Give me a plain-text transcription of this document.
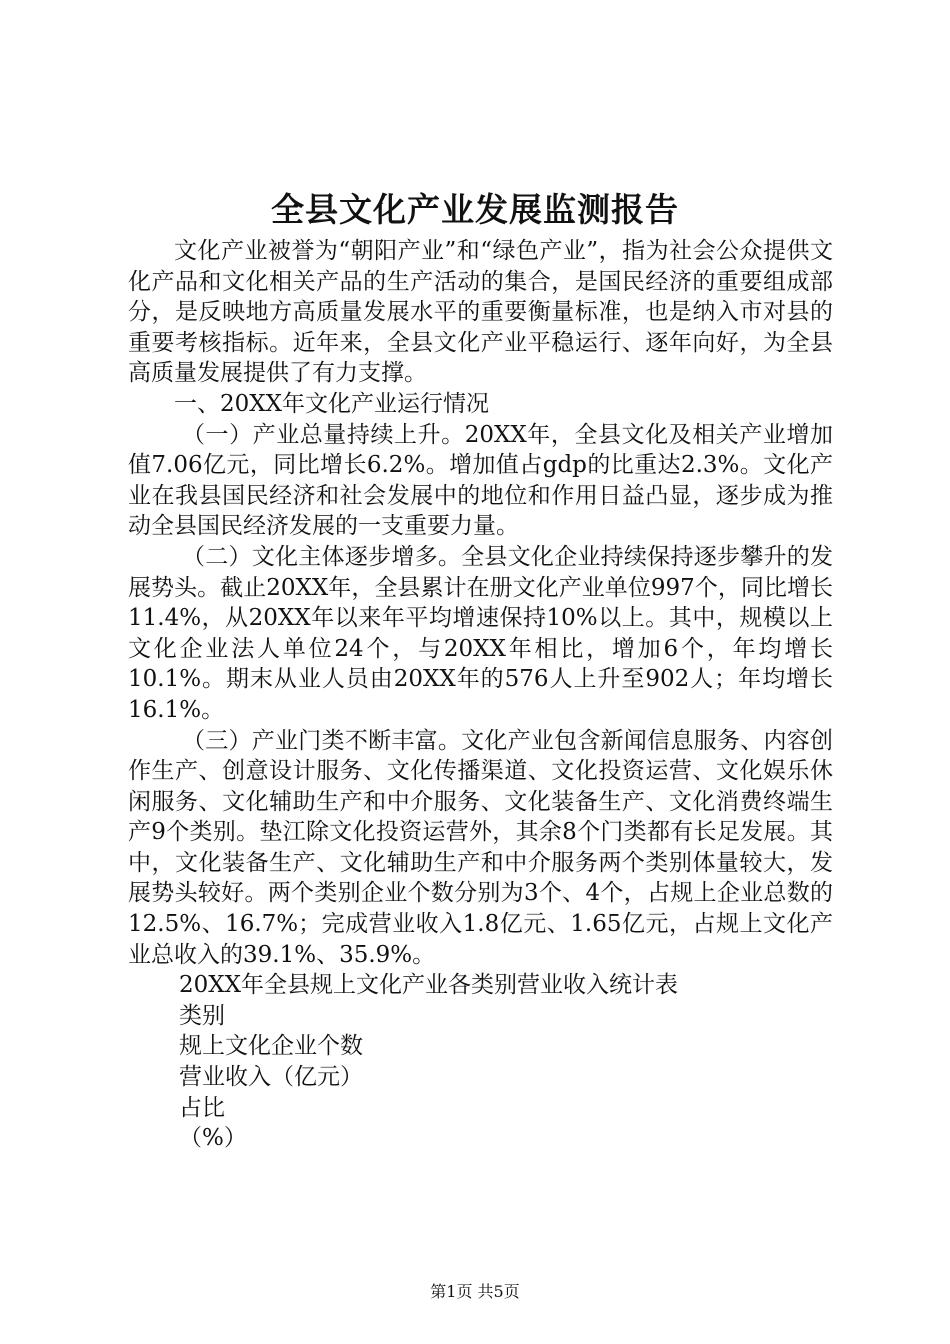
全县文化产业发展监测报告

文化产业被誉为“朝阳产业”和“绿色产业”，指为社会公众提供文化产品和文化相关产品的生产活动的集合，是国民经济的重要组成部分，是反映地方高质量发展水平的重要衡量标准，也是纳入市对县的重要考核指标。近年来，全县文化产业平稳运行、逐年向好，为全县高质量发展提供了有力支撑。

一、20XX年文化产业运行情况

（一）产业总量持续上升。20XX年，全县文化及相关产业增加值7.06亿元，同比增长6.2%。增加值占gdp的比重达2.3%。文化产业在我县国民经济和社会发展中的地位和作用日益凸显，逐步成为推动全县国民经济发展的一支重要力量。

（二）文化主体逐步增多。全县文化企业持续保持逐步攀升的发展势头。截止20XX年，全县累计在册文化产业单位997个，同比增长11.4%，从20XX年以来年平均增速保持10%以上。其中，规模以上文化企业法人单位24个，与20XX年相比，增加6个，年均增长10.1%。期末从业人员由20XX年的576人上升至902人；年均增长16.1%。

（三）产业门类不断丰富。文化产业包含新闻信息服务、内容创作生产、创意设计服务、文化传播渠道、文化投资运营、文化娱乐休闲服务、文化辅助生产和中介服务、文化装备生产、文化消费终端生产9个类别。垫江除文化投资运营外，其余8个门类都有长足发展。其中，文化装备生产、文化辅助生产和中介服务两个类别体量较大，发展势头较好。两个类别企业个数分别为3个、4个，占规上企业总数的12.5%、16.7%；完成营业收入1.8亿元、1.65亿元，占规上文化产业总收入的39.1%、35.9%。

20XX年全县规上文化产业各类别营业收入统计表

类别

规上文化企业个数

营业收入（亿元）

占比

（%）

第1页 共5页
